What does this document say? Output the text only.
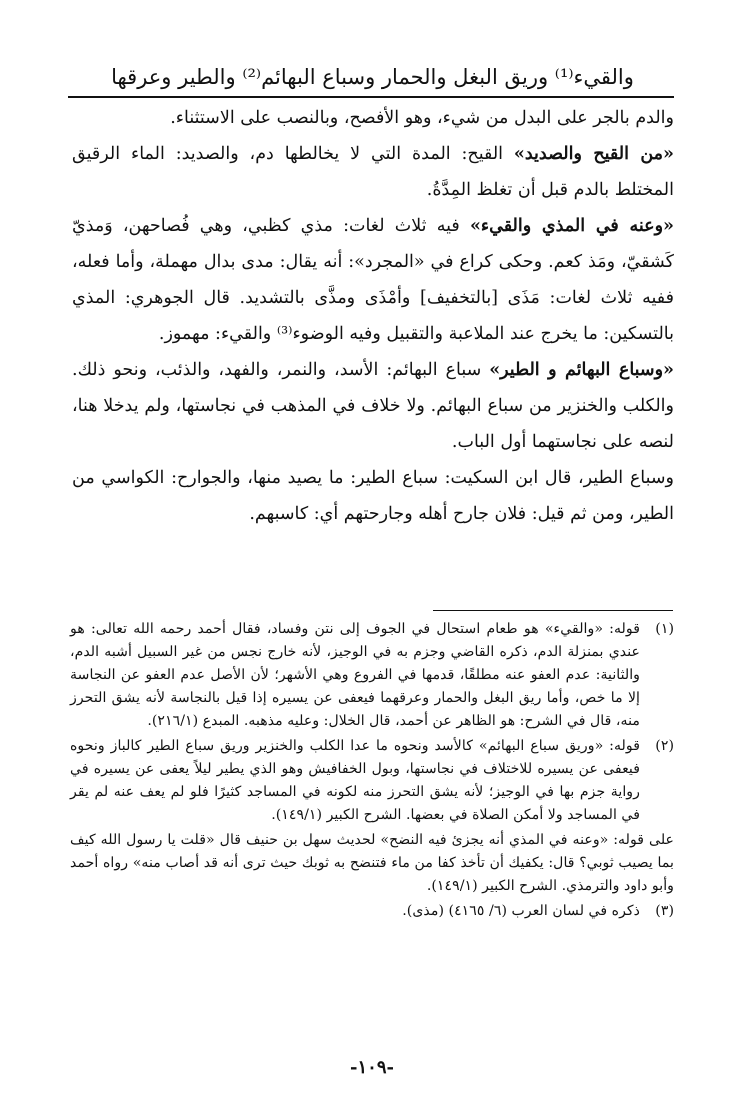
والقيء⁽¹⁾ وريق البغل والحمار وسباع البهائم⁽²⁾ والطير وعرقها

والدم بالجر على البدل من شيء، وهو الأفصح، وبالنصب على الاستثناء.

«من القيح والصديد» القيح: المدة التي لا يخالطها دم، والصديد: الماء الرقيق المختلط بالدم قبل أن تغلظ المِدَّةُ.

«وعنه في المذي والقيء» فيه ثلاث لغات: مذي كظبي، وهي فُصاحهن، وَمذيّ كَشقيّ، ومَذ كعم. وحكى كراع في «المجرد»: أنه يقال: مدى بدال مهملة، وأما فعله، ففيه ثلاث لغات: مَذَى [بالتخفيف] وأمْذَى ومذَّى بالتشديد. قال الجوهري: المذي بالتسكين: ما يخرج عند الملاعبة والتقبيل وفيه الوضوء⁽³⁾ والقيء: مهموز.

«وسباع البهائم و الطير» سباع البهائم: الأسد، والنمر، والفهد، والذئب، ونحو ذلك. والكلب والخنزير من سباع البهائم. ولا خلاف في المذهب في نجاستها، ولم يدخلا هنا، لنصه على نجاستهما أول الباب.

وسباع الطير، قال ابن السكيت: سباع الطير: ما يصيد منها، والجوارح: الكواسي من الطير، ومن ثم قيل: فلان جارح أهله وجارحتهم أي: كاسبهم.

(١)
قوله: «والقيء» هو طعام استحال في الجوف إلى نتن وفساد، فقال أحمد رحمه الله تعالى: هو عندي بمنزلة الدم، ذكره القاضي وجزم به في الوجيز، لأنه خارج نجس من غير السبيل أشبه الدم، والثانية: عدم العفو عنه مطلقًا، قدمها في الفروع وهي الأشهر؛ لأن الأصل عدم العفو عن النجاسة إلا ما خص، وأما ريق البغل والحمار وعرقهما فيعفى عن يسيره إذا قيل بالنجاسة لأنه يشق التحرز منه، قال في الشرح: هو الظاهر عن أحمد، قال الخلال: وعليه مذهبه. المبدع (٢١٦/١).
(٢)
قوله: «وريق سباع البهائم» كالأسد ونحوه ما عدا الكلب والخنزير وريق سباع الطير كالباز ونحوه فيعفى عن يسيره للاختلاف في نجاستها، وبول الخفافيش وهو الذي يطير ليلاً يعفى عن يسيره في رواية جزم بها في الوجيز؛ لأنه يشق التحرز منه لكونه في المساجد كثيرًا فلو لم يعف عنه لم يقر في المساجد ولا أمكن الصلاة في بعضها. الشرح الكبير (١٤٩/١).

على قوله: «وعنه في المذي أنه يجزئ فيه النضح» لحديث سهل بن حنيف قال «قلت يا رسول الله كيف بما يصيب ثوبي؟ قال: يكفيك أن تأخذ كفا من ماء فتنضح به ثوبك حيث ترى أنه قد أصاب منه» رواه أحمد وأبو داود والترمذي. الشرح الكبير (١٤٩/١).

(٣)
ذكره في لسان العرب (٦/ ٤١٦٥) (مذى).
-١٠٩-
